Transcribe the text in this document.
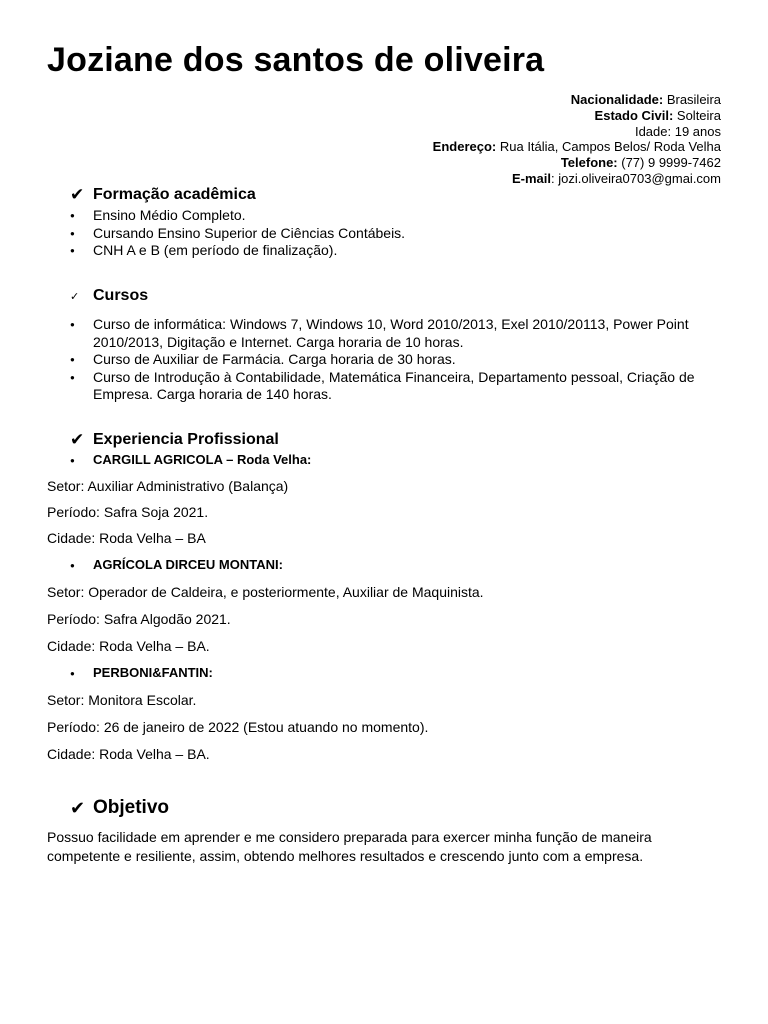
Joziane dos santos de oliveira
Nacionalidade: Brasileira
Estado Civil: Solteira
Idade: 19 anos
Endereço: Rua Itália, Campos Belos/ Roda Velha
Telefone: (77) 9 9999-7462
E-mail: jozi.oliveira0703@gmai.com
✔ Formação acadêmica
● Ensino Médio Completo.
● Cursando Ensino Superior de Ciências Contábeis.
● CNH A e B (em período de finalização).
✓ Cursos
● Curso de informática: Windows 7, Windows 10, Word 2010/2013, Exel 2010/20113, Power Point 2010/2013, Digitação e Internet. Carga horaria de 10 horas.
● Curso de Auxiliar de Farmácia. Carga horaria de 30 horas.
● Curso de Introdução à Contabilidade, Matemática Financeira, Departamento pessoal, Criação de Empresa. Carga horaria de 140 horas.
✔ Experiencia Profissional
● CARGILL AGRICOLA – Roda Velha:
Setor: Auxiliar Administrativo (Balança)
Período: Safra Soja 2021.
Cidade: Roda Velha – BA
● AGRÍCOLA DIRCEU MONTANI:
Setor: Operador de Caldeira, e posteriormente, Auxiliar de Maquinista.
Período: Safra Algodão 2021.
Cidade: Roda Velha – BA.
● PERBONI&FANTIN:
Setor: Monitora Escolar.
Período: 26 de janeiro de 2022 (Estou atuando no momento).
Cidade: Roda Velha – BA.
✔ Objetivo
Possuo facilidade em aprender e me considero preparada para exercer minha função de maneira competente e resiliente, assim, obtendo melhores resultados e crescendo junto com a empresa.
